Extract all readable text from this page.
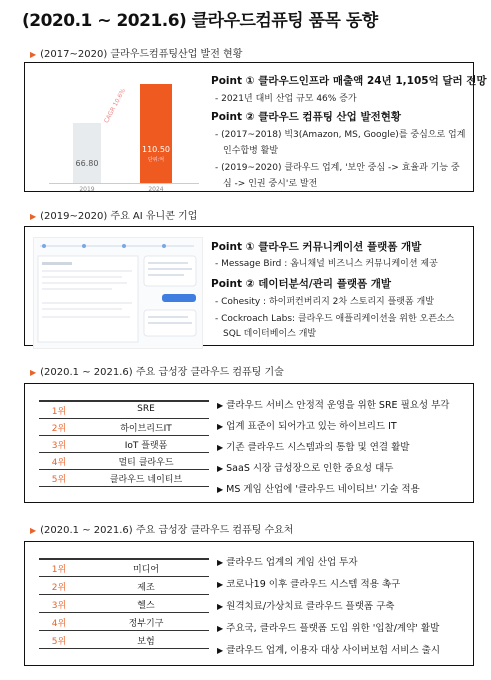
(2020.1 ~ 2021.6) 클라우드컴퓨팅 품목 동향
▶ (2017~2020) 클라우드컴퓨팅산업 발전 현황
66.80
110.50
단위:억
CAGR 10.6%
2019	2024
Point ① 클라우드인프라 매출액 24년 1,105억 달러 전망
- 2021년 대비 산업 규모 46% 증가
Point ② 클라우드 컴퓨팅 산업 발전현황
- (2017~2018) 빅3(Amazon, MS, Google)를 중심으로 업계
인수합병 활발
- (2019~2020) 클라우드 업계, '보안 중심 -> 효율과 기능 중
심 -> 인권 중시'로 발전
▶ (2019~2020) 주요 AI 유니콘 기업
Point ① 클라우드 커뮤니케이션 플랫폼 개발
- Message Bird : 옴니채널 비즈니스 커뮤니케이션 제공
Point ② 데이터분석/관리 플랫폼 개발
- Cohesity : 하이퍼컨버리지 2차 스토리지 플랫폼 개발
- Cockroach Labs: 클라우드 애플리케이션을 위한 오픈소스
SQL 데이터베이스 개발
▶ (2020.1 ~ 2021.6) 주요 급성장 클라우드 컴퓨팅 기술
1위	SRE
2위	하이브리드IT
3위	IoT 플랫폼
4위	멀티 클라우드
5위	클라우드 네이티브
▶ 클라우드 서비스 안정적 운영을 위한 SRE 필요성 부각
▶ 업계 표준이 되어가고 있는 하이브리드 IT
▶ 기존 클라우드 시스템과의 통합 및 연결 활발
▶ SaaS 시장 급성장으로 인한 중요성 대두
▶ MS 게임 산업에 '클라우드 네이티브' 기술 적용
▶ (2020.1 ~ 2021.6) 주요 급성장 클라우드 컴퓨팅 수요처
1위	미디어
2위	제조
3위	헬스
4위	정부기구
5위	보험
▶ 클라우드 업계의 게임 산업 투자
▶ 코로나19 이후 클라우드 시스템 적용 촉구
▶ 원격치료/가상치료 클라우드 플랫폼 구축
▶ 주요국, 클라우드 플랫폼 도입 위한 '입찰/계약' 활발
▶ 클라우드 업계, 이용자 대상 사이버보험 서비스 출시
